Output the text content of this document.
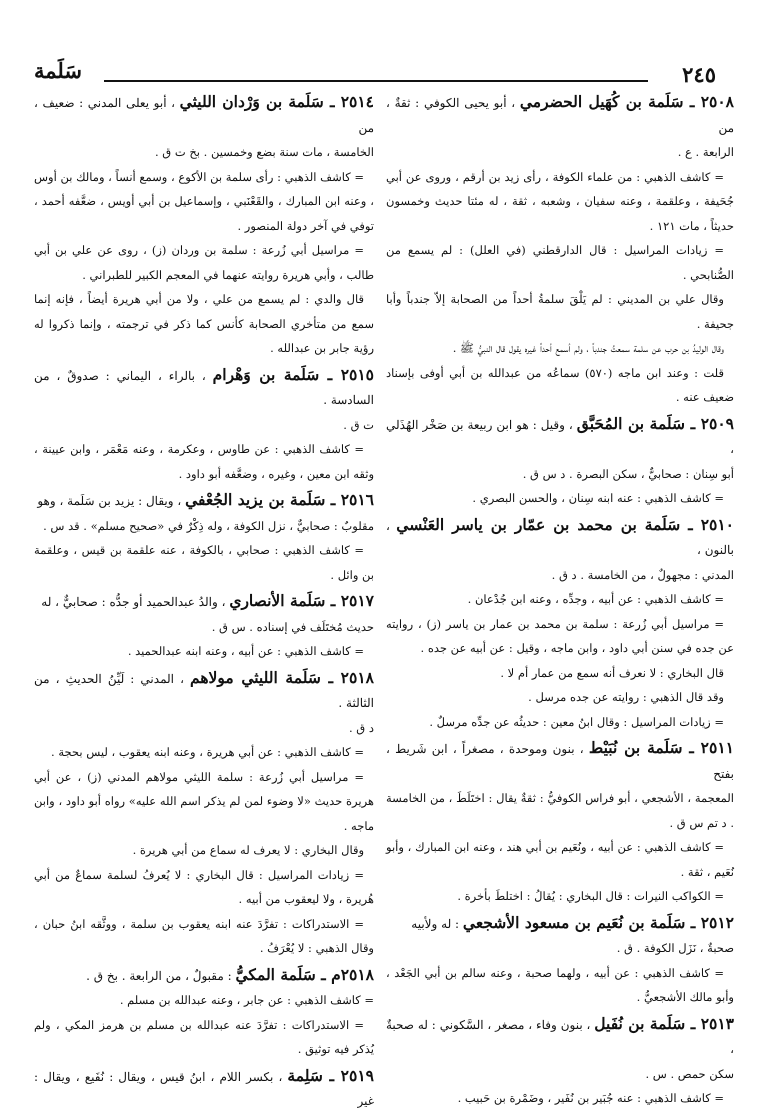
٢٤٥
سَلَمة

٢٥٠٨ ـ سَلَمة بن كُهَيل الحضرمي ، أبو يحيى الكوفي : ثقةٌ ، من

الرابعة . ع .

= كاشف الذهبي : من علماء الكوفة ، رأى زيد بن أرقم ، وروى عن أبي جُحَيفة ، وعلقمة ، وعنه سفيان ، وشعبه ، ثقة ، له مئتا حديث وخمسون حديثاً ، مات ١٢١ .

= زيادات المراسيل : قال الدارقطني (في العلل) : لم يسمع من الصُّنابحي .

وقال علي بن المديني : لم يَلْقَ سلمةُ أحداً من الصحابة إلاّ جندباً وأبا جحيفة .

وقال الوليدُ بن حرب عن سلمة سمعتُ جندباً ، ولم أسمع أحداً غيره يقول قال النبيُّ ﷺ .

قلت : وعند ابن ماجه (٥٧٠) سماعُه من عبدالله بن أبي أوفى بإسناد ضعيف عنه .

٢٥٠٩ ـ سَلَمة بن المُحَبَّق ، وقيل : هو ابن ربيعة بن صَخْر الهُذَلي ،

أبو سِنان : صحابيٌّ ، سكن البصرة . د س ق .

= كاشف الذهبي : عنه ابنه سِنان ، والحسن البصري .

٢٥١٠ ـ سَلَمة بن محمد بن عمّار بن ياسر العَنْسي ، بالنون ،

المدني : مجهولٌ ، من الخامسة . د ق .

= كاشف الذهبي : عن أبيه ، وجدِّه ، وعنه ابن جُدْعان .

= مراسيل أبي زُرعة : سلمة بن محمد بن عمار بن ياسر (ز) ، روايته عن جده في سنن أبي داود ، وابن ماجه ، وقيل : عن أبيه عن جده .

قال البخاري : لا نعرف أنه سمع من عمار أم لا .

وقد قال الذهبي : روايته عن جده مرسل .

= زيادات المراسيل : وقال ابنُ معين : حديثُه عن جدِّه مرسلٌ .

٢٥١١ ـ سَلَمة بن نُبَيْط ، بنون وموحدة ، مصغراً ، ابن شَريط ، بفتح

المعجمة ، الأشجعي ، أبو فراس الكوفيُّ : ثقةٌ يقال : اختَلَطَ ، من الخامسة . د تم س ق .

= كاشف الذهبي : عن أبيه ، ونُعَيم بن أبي هند ، وعنه ابن المبارك ، وأبو نُعَيم ، ثقة .

= الكواكب النيرات : قال البخاري : يُقالُ : اختلطَ بأخرة .

٢٥١٢ ـ سَلَمة بن نُعَيم بن مسعود الأشجعي : له ولأبيه

صحبةٌ ، نَزَل الكوفة . ق .

= كاشف الذهبي : عن أبيه ، ولهما صحبة ، وعنه سالم بن أبي الجَعْد ، وأبو مالك الأشجعيُّ .

٢٥١٣ ـ سَلَمة بن نُفَيل ، بنون وفاء ، مصغر ، السَّكوني : له صحبةٌ ،

سكن حمص . س .

= كاشف الذهبي : عنه جُبَير بن نُفَير ، وضَمْرة بن حَبيب .

٢٥١٤ ـ سَلَمة بن وَرْدان الليثي ، أبو يعلى المدني : ضعيف ، من

الخامسة ، مات سنة بضع وخمسين . بخ ت ق .

= كاشف الذهبي : رأى سلمة بن الأكوع ، وسمع أنساً ، ومالك بن أوس ، وعنه ابن المبارك ، والقَعْنَبي ، وإسماعيل بن أبي أويس ، ضعَّفه أحمد ، توفي في آخر دولة المنصور .

= مراسيل أبي زُرعة : سلمة بن وردان (ز) ، روى عن علي بن أبي طالب ، وأبي هريرة روايته عنهما في المعجم الكبير للطبراني .

قال والدي : لم يسمع من علي ، ولا من أبي هريرة أيضاً ، فإنه إنما سمع من متأخري الصحابة كأنس كما ذكر في ترجمته ، وإنما ذكروا له رؤية جابر بن عبدالله .

٢٥١٥ ـ سَلَمة بن وَهْرام ، بالراء ، اليماني : صدوقٌ ، من السادسة .

ت ق .

= كاشف الذهبي : عن طاوس ، وعكرمة ، وعنه مَعْمَر ، وابن عيينة ، وثقه ابن معين ، وغيره ، وضعَّفه أبو داود .

٢٥١٦ ـ سَلَمة بن يزيد الجُعْفي ، ويقال : يزيد بن سَلَمة ، وهو

مقلوبٌ : صحابيٌّ ، نزل الكوفة ، وله ذِكْرٌ في «صحيح مسلم» . قد س .

= كاشف الذهبي : صحابي ، بالكوفة ، عنه علقمة بن قيس ، وعلقمة بن وائل .

٢٥١٧ ـ سَلَمة الأنصاري ، والدُ عبدالحميد أو جدُّه : صحابيٌّ ، له

حديث مُختَلَف في إسناده . س ق .

= كاشف الذهبي : عن أبيه ، وعنه ابنه عبدالحميد .

٢٥١٨ ـ سَلَمة الليثي مولاهم ، المدني : لَيِّنُ الحديثِ ، من الثالثة .

د ق .

= كاشف الذهبي : عن أبي هريرة ، وعنه ابنه يعقوب ، ليس بحجة .

= مراسيل أبي زُرعة : سلمة الليثي مولاهم المدني (ز) ، عن أبي هريرة حديث «لا وضوء لمن لم يذكر اسم الله عليه» رواه أبو داود ، وابن ماجه .

وقال البخاري : لا يعرف له سماع من أبي هريرة .

= زيادات المراسيل : قال البخاري : لا يُعرفُ لسلمة سماعٌ من أبي هُريرة ، ولا ليعقوب من أبيه .

= الاستدراكات : تفرَّدَ عنه ابنه يعقوب بن سلمة ، ووثَّقه ابنُ حبان ، وقال الذهبي : لا يُعْرَفُ .

٢٥١٨م ـ سَلَمة المكيُّ : مقبولٌ ، من الرابعة . بخ ق .

= كاشف الذهبي : عن جابر ، وعنه عبدالله بن مسلم .

= الاستدراكات : تفرَّدَ عنه عبدالله بن مسلم بن هرمز المكي ، ولم يُذكر فيه توثيق .

٢٥١٩ ـ سَلِمة ، بكسر اللام ، ابنُ قيس ، ويقال : نُفَيع ، ويقال : غير
